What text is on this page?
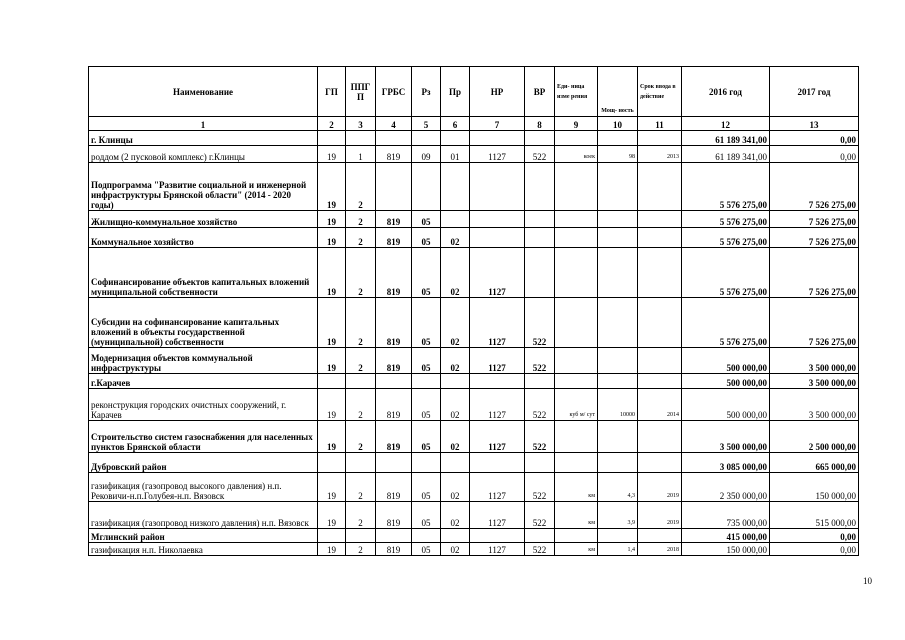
Наименование	ГП	ППГ П	ГРБС	Рз	Пр	НР	ВР	Еди- ница изме рения	Мощ- ность	Срок ввода в действие	2016 год	2017 год
1	2	3	4	5	6	7	8	9	10	11	12	13
г. Клинцы											61 189 341,00	0,00
роддом (2 пусковой комплекс) г.Клинцы	19	1	819	09	01	1127	522	коек	98	2013	61 189 341,00	0,00
Подпрограмма "Развитие социальной и инженерной инфраструктуры Брянской области" (2014 - 2020 годы)	19	2									5 576 275,00	7 526 275,00
Жилищно-коммунальное хозяйство	19	2	819	05							5 576 275,00	7 526 275,00
Коммунальное хозяйство	19	2	819	05	02						5 576 275,00	7 526 275,00
Софинансирование объектов капитальных вложений муниципальной собственности	19	2	819	05	02	1127					5 576 275,00	7 526 275,00
Субсидии на софинансирование капитальных вложений в объекты государственной (муниципальной) собственности	19	2	819	05	02	1127	522				5 576 275,00	7 526 275,00
Модернизация объектов коммунальной инфраструктуры	19	2	819	05	02	1127	522				500 000,00	3 500 000,00
г.Карачев											500 000,00	3 500 000,00
реконструкция городских очистных сооружений, г. Карачев	19	2	819	05	02	1127	522	куб м/ сут	10000	2014	500 000,00	3 500 000,00
Строительство систем газоснабжения для населенных пунктов Брянской области	19	2	819	05	02	1127	522				3 500 000,00	2 500 000,00
Дубровский район											3 085 000,00	665 000,00
газификация (газопровод высокого давления) н.п. Рековичи-н.п.Голубея-н.п. Вязовск	19	2	819	05	02	1127	522	км	4,3	2019	2 350 000,00	150 000,00
газификация (газопровод низкого давления) н.п. Вязовск	19	2	819	05	02	1127	522	км	3,9	2019	735 000,00	515 000,00
Мглинский район											415 000,00	0,00
газификация н.п. Николаевка	19	2	819	05	02	1127	522	км	1,4	2018	150 000,00	0,00
10
